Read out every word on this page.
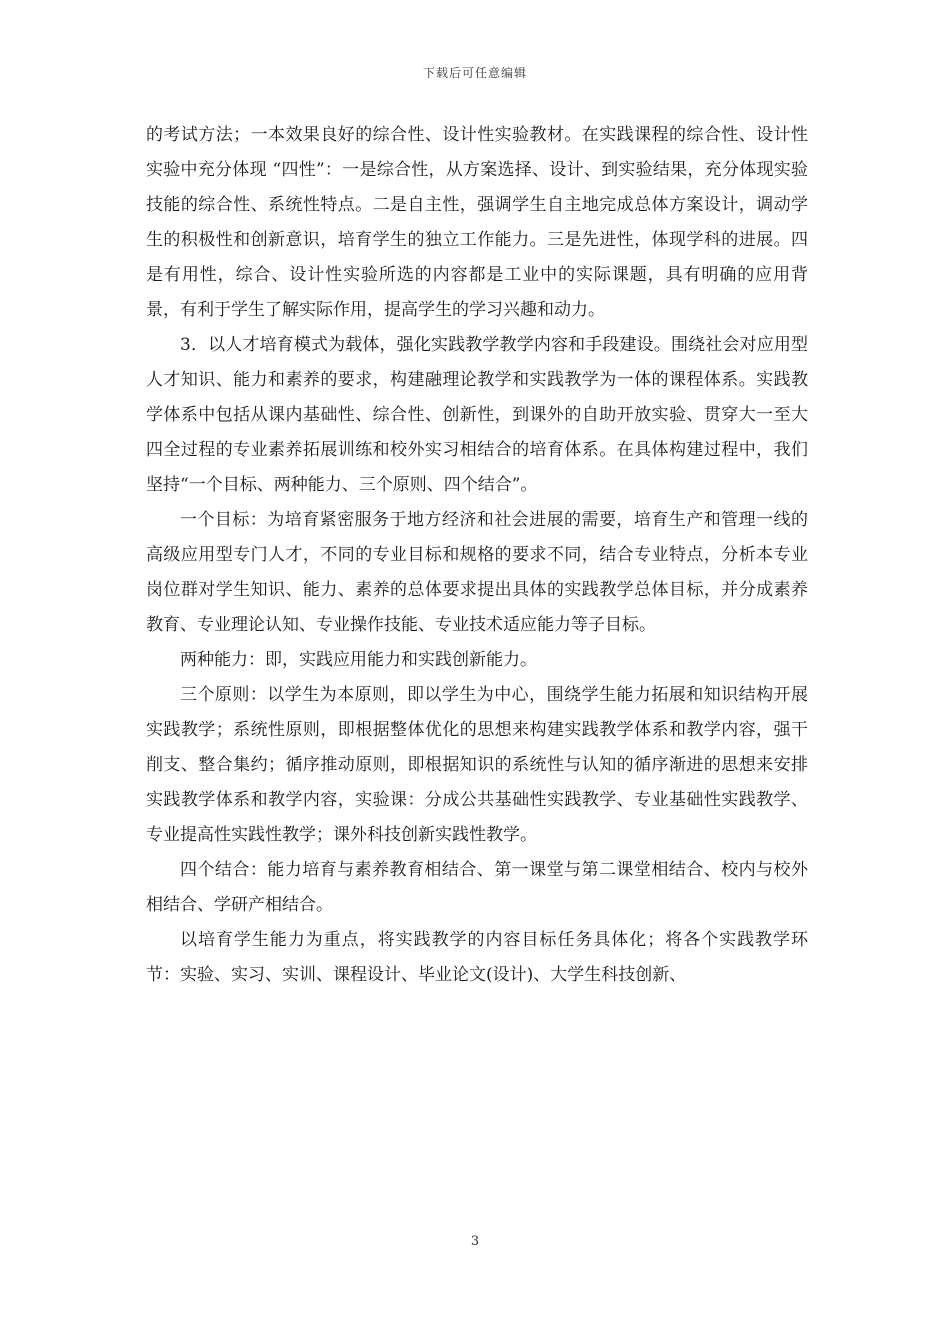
下载后可任意编辑

的考试方法；一本效果良好的综合性、设计性实验教材。在实践课程的综合性、设计性实验中充分体现 “四性”：一是综合性，从方案选择、设计、到实验结果，充分体现实验技能的综合性、系统性特点。二是自主性，强调学生自主地完成总体方案设计，调动学生的积极性和创新意识，培育学生的独立工作能力。三是先进性，体现学科的进展。四是有用性，综合、设计性实验所选的内容都是工业中的实际课题，具有明确的应用背景，有利于学生了解实际作用，提高学生的学习兴趣和动力。

3．以人才培育模式为载体，强化实践教学教学内容和手段建设。围绕社会对应用型人才知识、能力和素养的要求，构建融理论教学和实践教学为一体的课程体系。实践教学体系中包括从课内基础性、综合性、创新性，到课外的自助开放实验、贯穿大一至大四全过程的专业素养拓展训练和校外实习相结合的培育体系。在具体构建过程中，我们坚持“一个目标、两种能力、三个原则、四个结合”。

一个目标：为培育紧密服务于地方经济和社会进展的需要，培育生产和管理一线的高级应用型专门人才，不同的专业目标和规格的要求不同，结合专业特点，分析本专业岗位群对学生知识、能力、素养的总体要求提出具体的实践教学总体目标，并分成素养教育、专业理论认知、专业操作技能、专业技术适应能力等子目标。

两种能力：即，实践应用能力和实践创新能力。

三个原则：以学生为本原则，即以学生为中心，围绕学生能力拓展和知识结构开展实践教学；系统性原则，即根据整体优化的思想来构建实践教学体系和教学内容，强干削支、整合集约；循序推动原则，即根据知识的系统性与认知的循序渐进的思想来安排实践教学体系和教学内容，实验课：分成公共基础性实践教学、专业基础性实践教学、专业提高性实践性教学；课外科技创新实践性教学。

四个结合：能力培育与素养教育相结合、第一课堂与第二课堂相结合、校内与校外相结合、学研产相结合。

以培育学生能力为重点，将实践教学的内容目标任务具体化；将各个实践教学环节：实验、实习、实训、课程设计、毕业论文(设计)、大学生科技创新、

3
